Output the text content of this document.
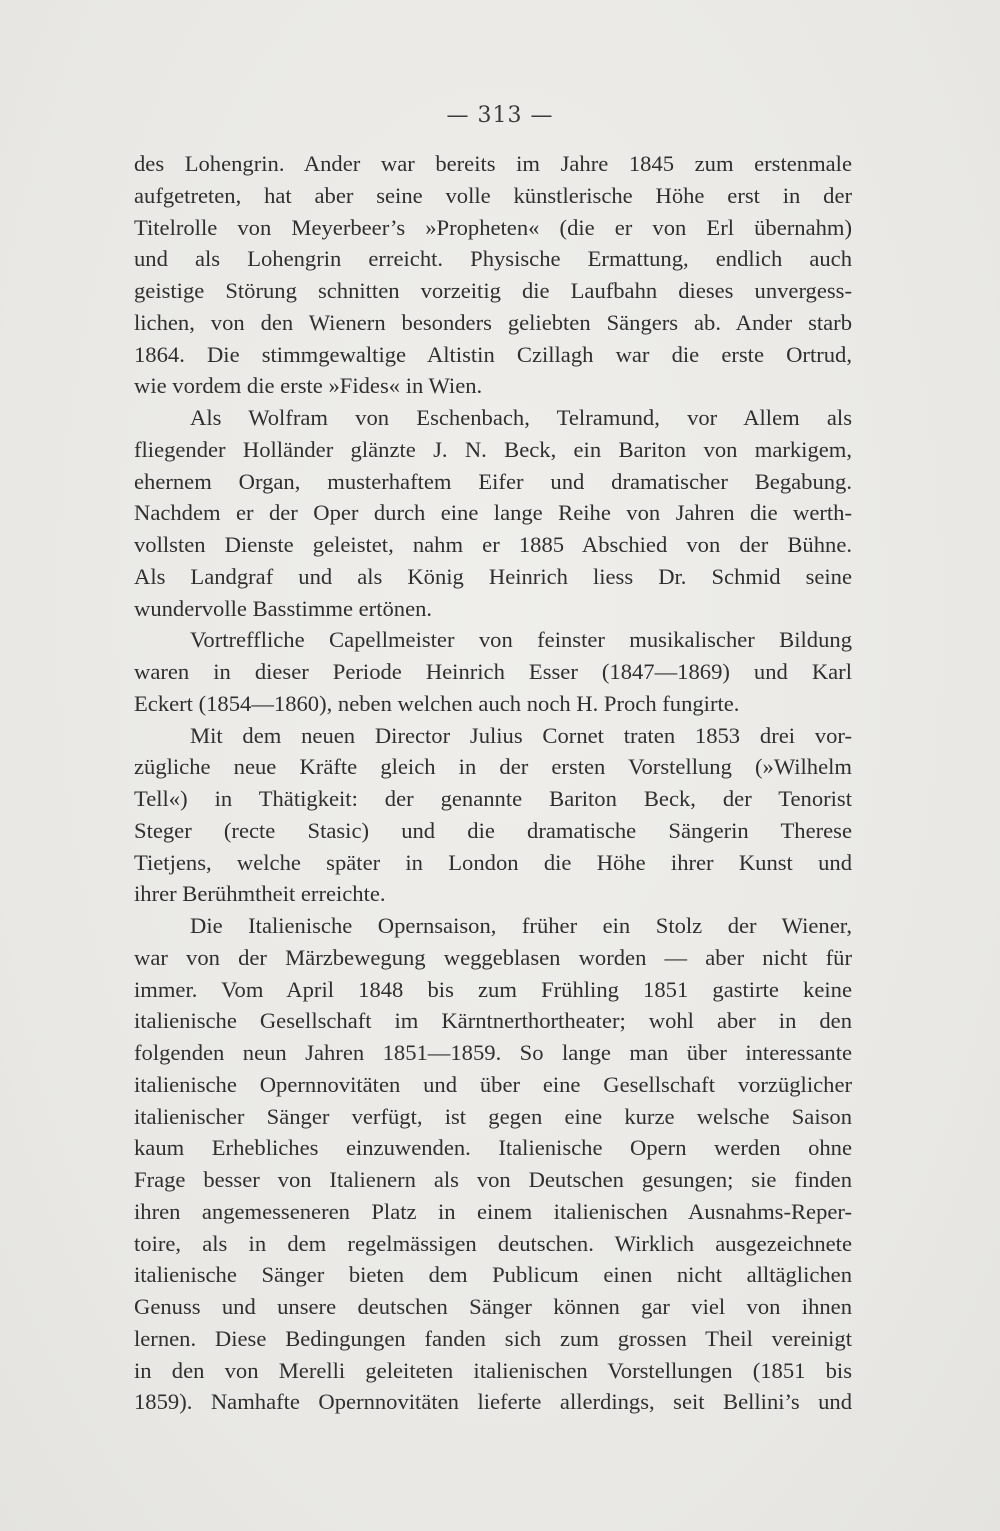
— 313 —
des Lohengrin. Ander war bereits im Jahre 1845 zum erstenmale
aufgetreten, hat aber seine volle künstlerische Höhe erst in der
Titelrolle von Meyerbeer’s »Propheten« (die er von Erl übernahm)
und als Lohengrin erreicht. Physische Ermattung, endlich auch
geistige Störung schnitten vorzeitig die Laufbahn dieses unvergess-
lichen, von den Wienern besonders geliebten Sängers ab. Ander starb
1864. Die stimmgewaltige Altistin Czillagh war die erste Ortrud,
wie vordem die erste »Fides« in Wien.
Als Wolfram von Eschenbach, Telramund, vor Allem als
fliegender Holländer glänzte J. N. Beck, ein Bariton von markigem,
ehernem Organ, musterhaftem Eifer und dramatischer Begabung.
Nachdem er der Oper durch eine lange Reihe von Jahren die werth-
vollsten Dienste geleistet, nahm er 1885 Abschied von der Bühne.
Als Landgraf und als König Heinrich liess Dr. Schmid seine
wundervolle Basstimme ertönen.
Vortreffliche Capellmeister von feinster musikalischer Bildung
waren in dieser Periode Heinrich Esser (1847—1869) und Karl
Eckert (1854—1860), neben welchen auch noch H. Proch fungirte.
Mit dem neuen Director Julius Cornet traten 1853 drei vor-
zügliche neue Kräfte gleich in der ersten Vorstellung (»Wilhelm
Tell«) in Thätigkeit: der genannte Bariton Beck, der Tenorist
Steger (recte Stasic) und die dramatische Sängerin Therese
Tietjens, welche später in London die Höhe ihrer Kunst und
ihrer Berühmtheit erreichte.
Die Italienische Opernsaison, früher ein Stolz der Wiener,
war von der Märzbewegung weggeblasen worden — aber nicht für
immer. Vom April 1848 bis zum Frühling 1851 gastirte keine
italienische Gesellschaft im Kärntnerthortheater; wohl aber in den
folgenden neun Jahren 1851—1859. So lange man über interessante
italienische Opernnovitäten und über eine Gesellschaft vorzüglicher
italienischer Sänger verfügt, ist gegen eine kurze welsche Saison
kaum Erhebliches einzuwenden. Italienische Opern werden ohne
Frage besser von Italienern als von Deutschen gesungen; sie finden
ihren angemesseneren Platz in einem italienischen Ausnahms-Reper-
toire, als in dem regelmässigen deutschen. Wirklich ausgezeichnete
italienische Sänger bieten dem Publicum einen nicht alltäglichen
Genuss und unsere deutschen Sänger können gar viel von ihnen
lernen. Diese Bedingungen fanden sich zum grossen Theil vereinigt
in den von Merelli geleiteten italienischen Vorstellungen (1851 bis
1859). Namhafte Opernnovitäten lieferte allerdings, seit Bellini’s und
